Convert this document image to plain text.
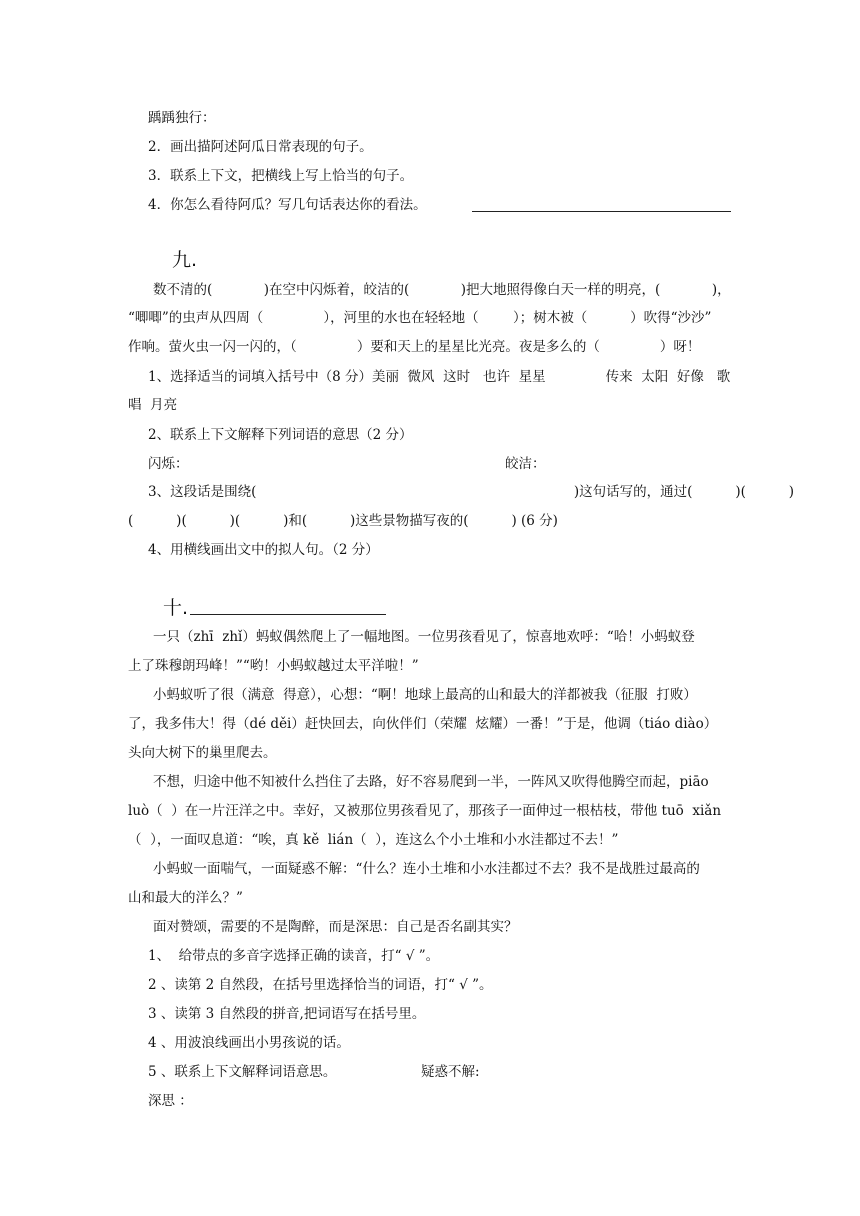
踽踽独行：
2．画出描阿述阿瓜日常表现的句子。
3．联系上下文，把横线上写上恰当的句子。
4．你怎么看待阿瓜？写几句话表达你的看法。
九.
数不清的(            )在空中闪烁着，皎洁的(            )把大地照得像白天一样的明亮，(            )，
“唧唧”的虫声从四周（              ），河里的水也在轻轻地（        ）；树木被（          ）吹得“沙沙”
作响。萤火虫一闪一闪的，（              ）要和天上的星星比光亮。夜是多么的（              ）呀！
1、选择适当的词填入括号中（8 分）美丽  微风  这时   也许  星星              传来  太阳  好像   歌
唱  月亮
2、联系上下文解释下列词语的意思（2 分）
闪烁：	皎洁：
3、这段话是围绕(                                                                          )这句话写的，通过(          )(          )
(          )(          )(          )和(          )这些景物描写夜的(          ) (6 分)
4、用横线画出文中的拟人句。（2 分）
十.
一只（zhī  zhǐ）蚂蚁偶然爬上了一幅地图。一位男孩看见了，惊喜地欢呼：“哈！小蚂蚁登
上了珠穆朗玛峰！”“哟！小蚂蚁越过太平洋啦！”
小蚂蚁听了很（满意  得意），心想：“啊！地球上最高的山和最大的洋都被我（征服  打败）
了，我多伟大！得（dé děi）赶快回去，向伙伴们（荣耀  炫耀）一番！”于是，他调（tiáo diào）
头向大树下的巢里爬去。
不想，归途中他不知被什么挡住了去路，好不容易爬到一半，一阵风又吹得他腾空而起，piāo
luò（  ）在一片汪洋之中。幸好，又被那位男孩看见了，那孩子一面伸过一根枯枝，带他 tuō  xiǎn
（  ），一面叹息道：“唉，真 kě  lián（  ），连这么个小土堆和小水洼都过不去！”
小蚂蚁一面喘气，一面疑惑不解：“什么？连小土堆和小水洼都过不去？我不是战胜过最高的
山和最大的洋么？”
面对赞颂，需要的不是陶醉，而是深思：自己是否名副其实？
1、  给带点的多音字选择正确的读音，打“ √ ”。
2 、读第 2 自然段，在括号里选择恰当的词语，打“ √ ”。
3 、读第 3 自然段的拼音,把词语写在括号里。
4 、用波浪线画出小男孩说的话。
5 、联系上下文解释词语意思。	疑惑不解:
深思 ：
